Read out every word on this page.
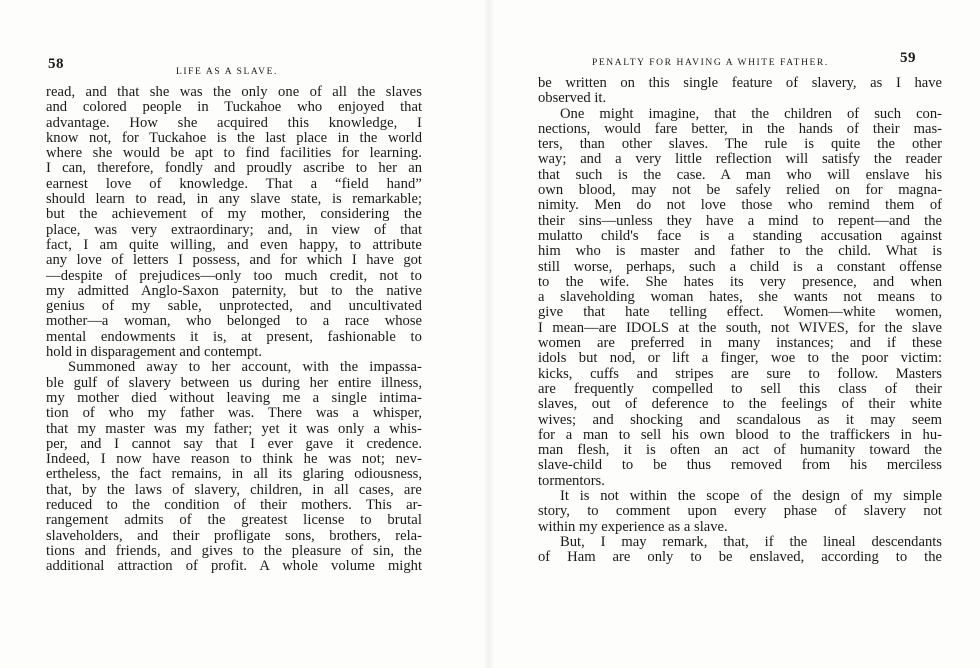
58	LIFE AS A SLAVE.
read, and that she was the only one of all the slaves
and colored people in Tuckahoe who enjoyed that
advantage. How she acquired this knowledge, I
know not, for Tuckahoe is the last place in the world
where she would be apt to find facilities for learning.
I can, therefore, fondly and proudly ascribe to her an
earnest love of knowledge. That a “field hand”
should learn to read, in any slave state, is remarkable;
but the achievement of my mother, considering the
place, was very extraordinary; and, in view of that
fact, I am quite willing, and even happy, to attribute
any love of letters I possess, and for which I have got
—despite of prejudices—only too much credit, not to
my admitted Anglo-Saxon paternity, but to the native
genius of my sable, unprotected, and uncultivated
mother—a woman, who belonged to a race whose
mental endowments it is, at present, fashionable to
hold in disparagement and contempt.
Summoned away to her account, with the impassa-
ble gulf of slavery between us during her entire illness,
my mother died without leaving me a single intima-
tion of who my father was. There was a whisper,
that my master was my father; yet it was only a whis-
per, and I cannot say that I ever gave it credence.
Indeed, I now have reason to think he was not; nev-
ertheless, the fact remains, in all its glaring odiousness,
that, by the laws of slavery, children, in all cases, are
reduced to the condition of their mothers. This ar-
rangement admits of the greatest license to brutal
slaveholders, and their profligate sons, brothers, rela-
tions and friends, and gives to the pleasure of sin, the
additional attraction of profit. A whole volume might
PENALTY FOR HAVING A WHITE FATHER.	59
be written on this single feature of slavery, as I have
observed it.
One might imagine, that the children of such con-
nections, would fare better, in the hands of their mas-
ters, than other slaves. The rule is quite the other
way; and a very little reflection will satisfy the reader
that such is the case. A man who will enslave his
own blood, may not be safely relied on for magna-
nimity. Men do not love those who remind them of
their sins—unless they have a mind to repent—and the
mulatto child's face is a standing accusation against
him who is master and father to the child. What is
still worse, perhaps, such a child is a constant offense
to the wife. She hates its very presence, and when
a slaveholding woman hates, she wants not means to
give that hate telling effect. Women—white women,
I mean—are IDOLS at the south, not WIVES, for the slave
women are preferred in many instances; and if these
idols but nod, or lift a finger, woe to the poor victim:
kicks, cuffs and stripes are sure to follow. Masters
are frequently compelled to sell this class of their
slaves, out of deference to the feelings of their white
wives; and shocking and scandalous as it may seem
for a man to sell his own blood to the traffickers in hu-
man flesh, it is often an act of humanity toward the
slave-child to be thus removed from his merciless
tormentors.
It is not within the scope of the design of my simple
story, to comment upon every phase of slavery not
within my experience as a slave.
But, I may remark, that, if the lineal descendants
of Ham are only to be enslaved, according to the
